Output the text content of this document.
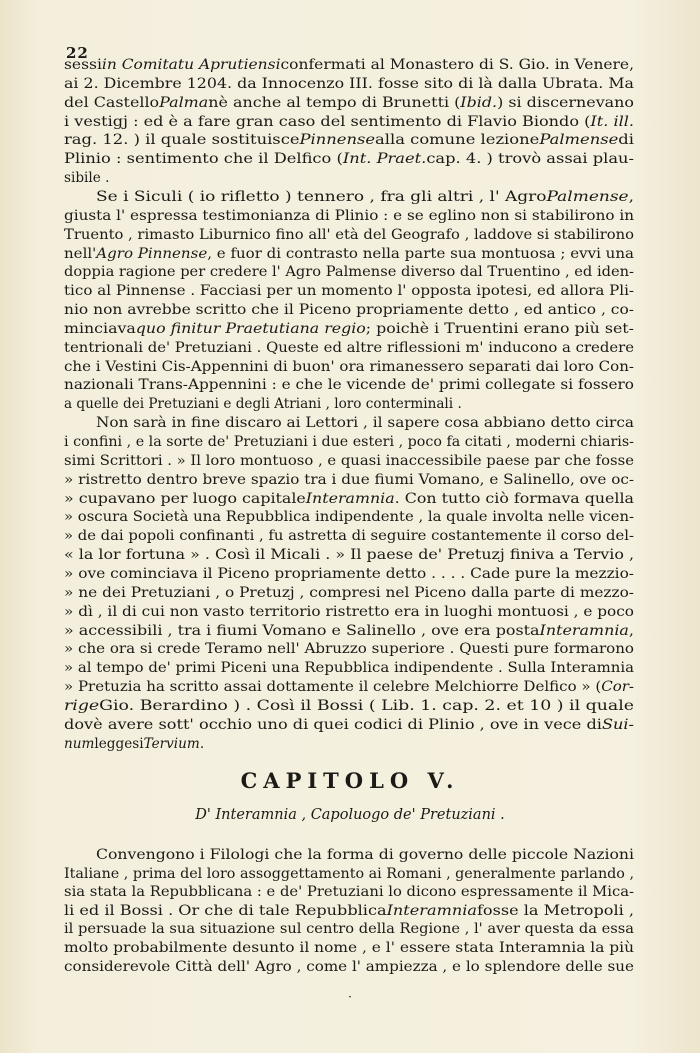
22
sessiin Comitatu Aprutiensiconfermati al Monastero di S. Gio. in Venere,
ai 2. Dicembre 1204. da Innocenzo III. fosse sito di là dalla Ubrata. Ma
del CastelloPalmanè anche al tempo di Brunetti (Ibid.) si discernevano
i vestigj : ed è a fare gran caso del sentimento di Flavio Biondo (It. ill.
rag. 12. ) il quale sostituiscePinnensealla comune lezionePalmensedi
Plinio : sentimento che il Delfico (Int. Praet.cap. 4. ) trovò assai plau-
sibile .
Se i Siculi ( io rifletto ) tennero , fra gli altri , l' AgroPalmense,
giusta l' espressa testimonianza di Plinio : e se eglino non si stabilirono in
Truento , rimasto Liburnico fino all' età del Geografo , laddove si stabilirono
nell'Agro Pinnense, e fuor di contrasto nella parte sua montuosa ; evvi una
doppia ragione per credere l' Agro Palmense diverso dal Truentino , ed iden-
tico al Pinnense . Facciasi per un momento l' opposta ipotesi, ed allora Pli-
nio non avrebbe scritto che il Piceno propriamente detto , ed antico , co-
minciavaquo finitur Praetutiana regio; poichè i Truentini erano più set-
tentrionali de' Pretuziani . Queste ed altre riflessioni m' inducono a credere
che i Vestini Cis-Appennini di buon' ora rimanessero separati dai loro Con-
nazionali Trans-Appennini : e che le vicende de' primi collegate si fossero
a quelle dei Pretuziani e degli Atriani , loro conterminali .
Non sarà in fine discaro ai Lettori , il sapere cosa abbiano detto circa
i confini , e la sorte de' Pretuziani i due esteri , poco fa citati , moderni chiaris-
simi Scrittori . » Il loro montuoso , e quasi inaccessibile paese par che fosse
» ristretto dentro breve spazio tra i due fiumi Vomano, e Salinello, ove oc-
» cupavano per luogo capitaleInteramnia. Con tutto ciò formava quella
» oscura Società una Repubblica indipendente , la quale involta nelle vicen-
» de dai popoli confinanti , fu astretta di seguire costantemente il corso del-
« la lor fortuna » . Così il Micali . » Il paese de' Pretuzj finiva a Tervio ,
» ove cominciava il Piceno propriamente detto . . . . Cade pure la mezzio-
» ne dei Pretuziani , o Pretuzj , compresi nel Piceno dalla parte di mezzo-
» dì , il di cui non vasto territorio ristretto era in luoghi montuosi , e poco
» accessibili , tra i fiumi Vomano e Salinello , ove era postaInteramnia,
» che ora si crede Teramo nell' Abruzzo superiore . Questi pure formarono
» al tempo de' primi Piceni una Repubblica indipendente . Sulla Interamnia
» Pretuzia ha scritto assai dottamente il celebre Melchiorre Delfico » (Cor-
rigeGio. Berardino ) . Così il Bossi ( Lib. 1. cap. 2. et 10 ) il quale
dovè avere sott' occhio uno di quei codici di Plinio , ove in vece diSui-
numleggesiTervium.
CAPITOLO V.
D' Interamnia , Capoluogo de' Pretuziani .
Convengono i Filologi che la forma di governo delle piccole Nazioni
Italiane , prima del loro assoggettamento ai Romani , generalmente parlando ,
sia stata la Repubblicana : e de' Pretuziani lo dicono espressamente il Mica-
li ed il Bossi . Or che di tale RepubblicaInteramniafosse la Metropoli ,
il persuade la sua situazione sul centro della Regione , l' aver questa da essa
molto probabilmente desunto il nome , e l' essere stata Interamnia la più
considerevole Città dell' Agro , come l' ampiezza , e lo splendore delle sue
·
